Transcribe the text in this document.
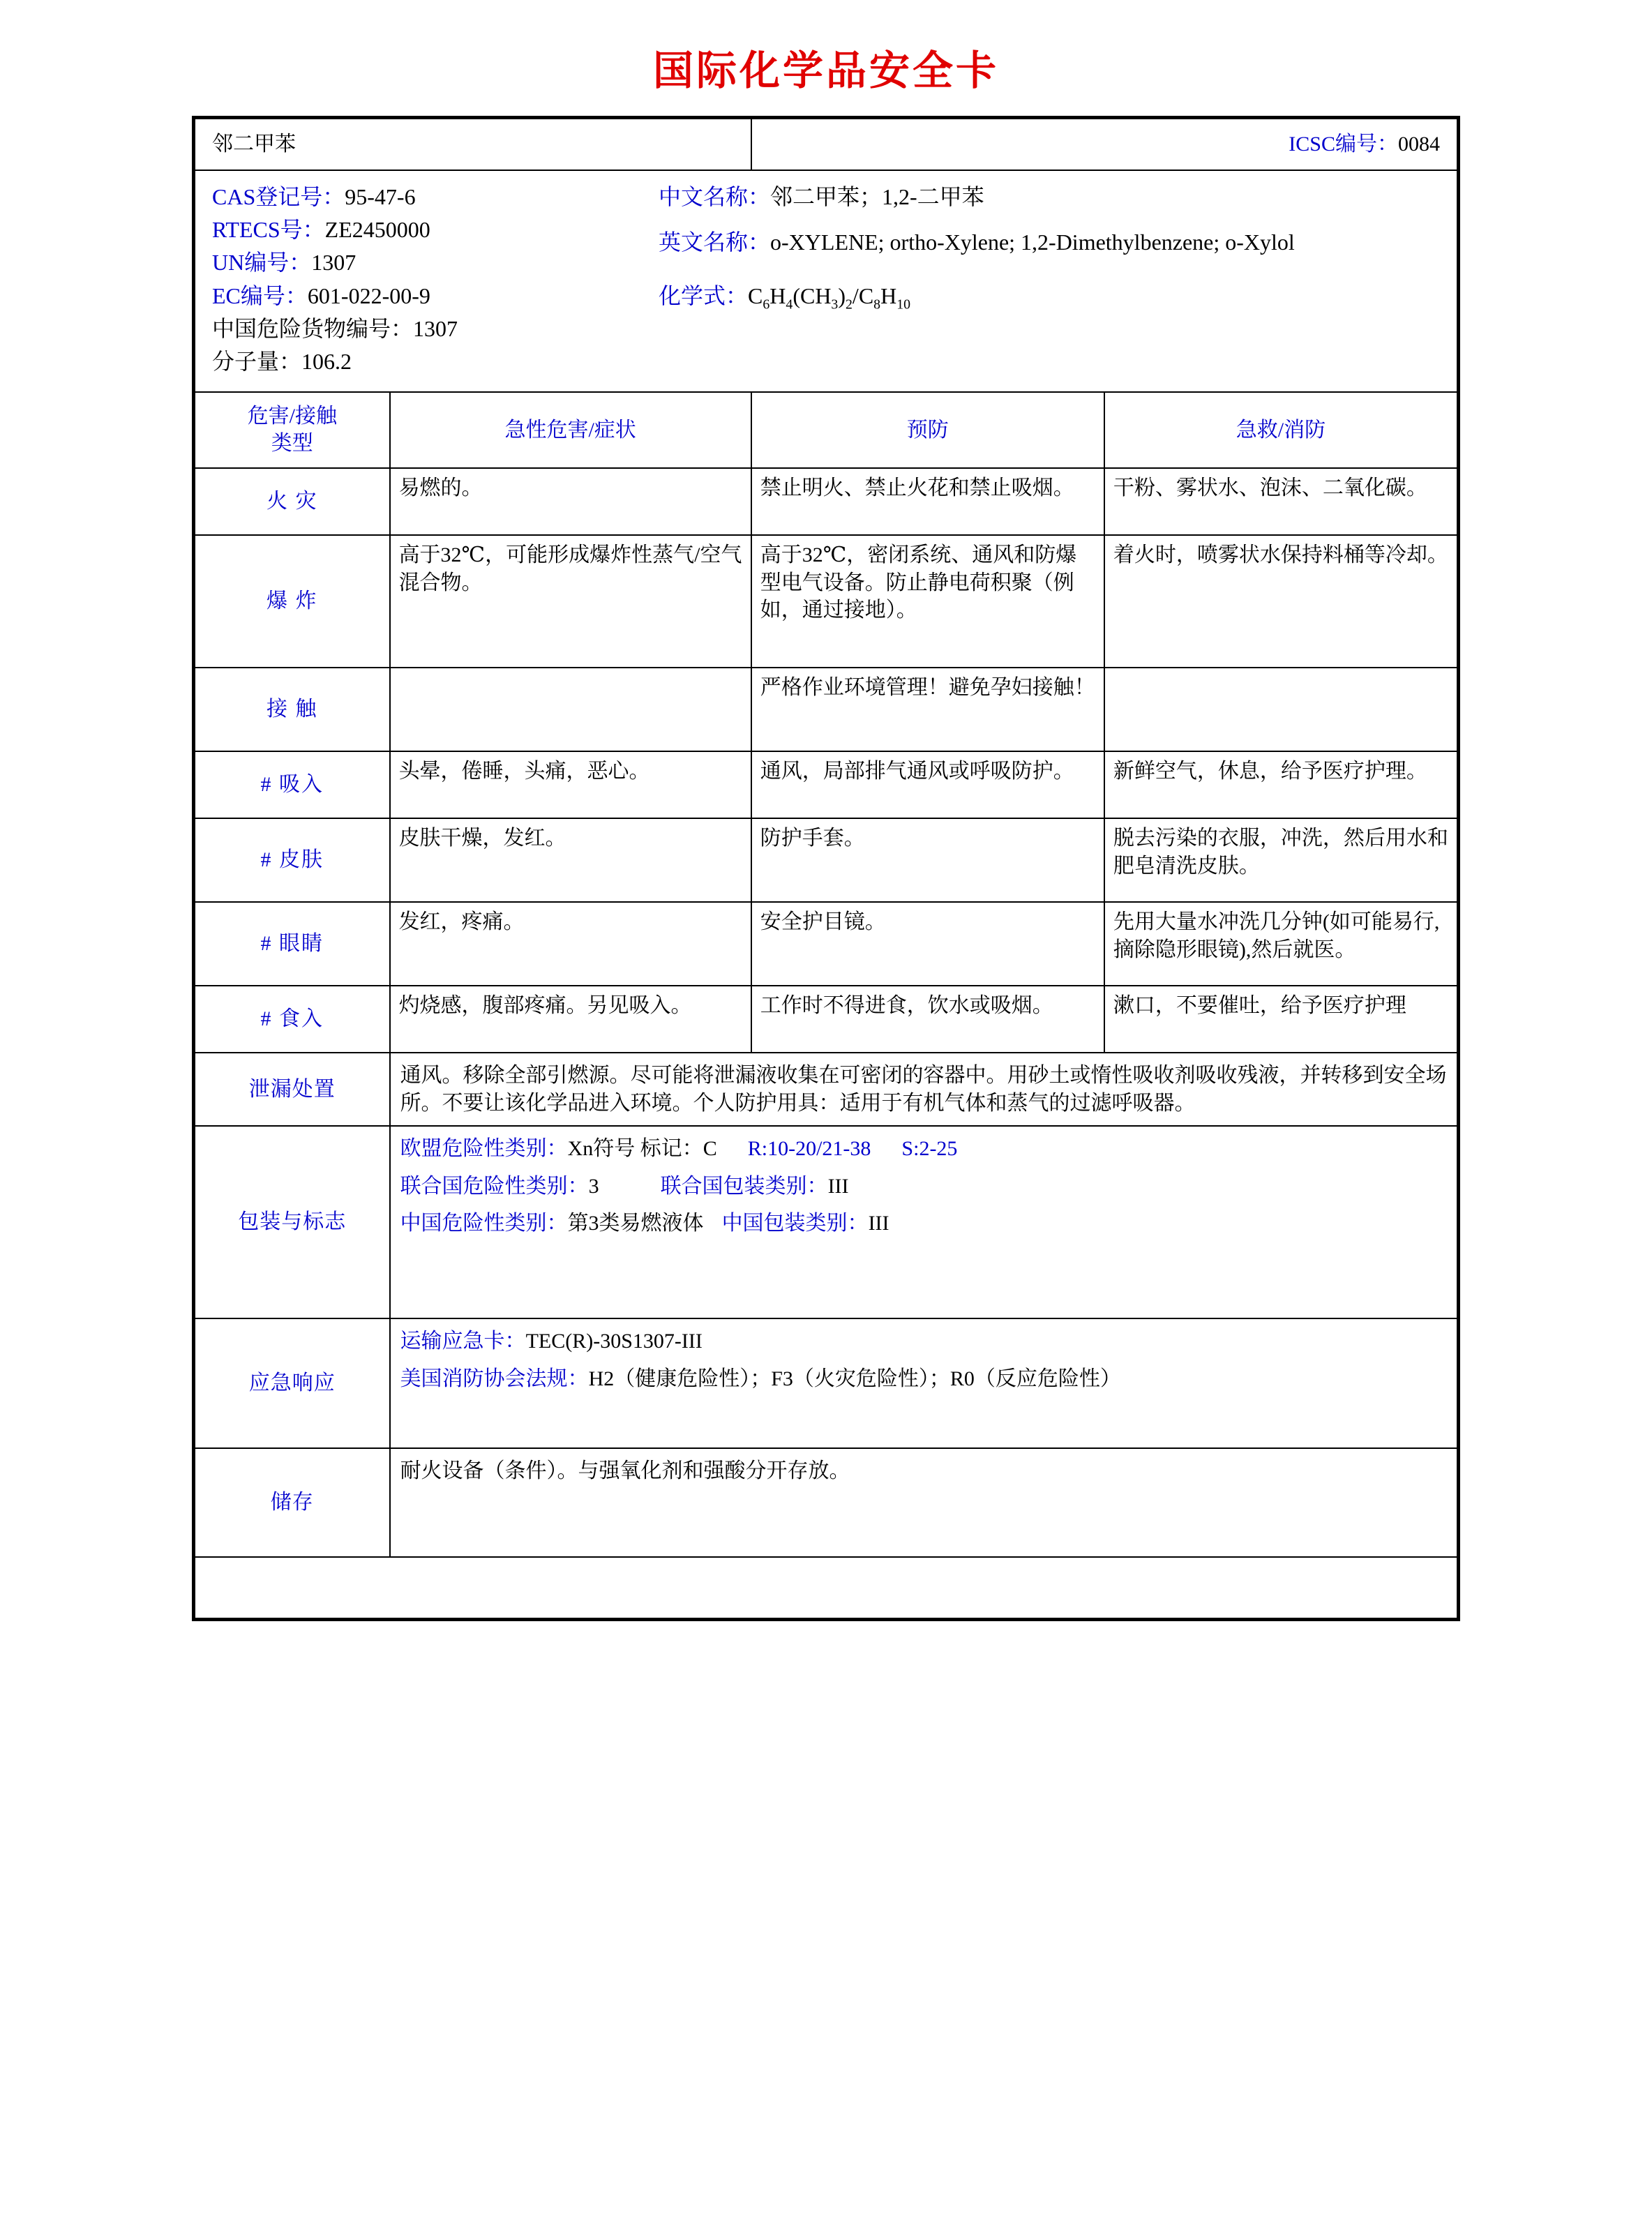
国际化学品安全卡
邻二甲苯		ICSC编号：0084	

CAS登记号：95-47-6
RTECS号：ZE2450000
UN编号：1307
EC编号：601-022-00-9
中国危险货物编号：1307
分子量：106.2
中文名称：邻二甲苯；1,2-二甲苯
英文名称：o-XYLENE; ortho-Xylene; 1,2-Dimethylbenzene; o-Xylol
化学式： $C_6H_4(CH_3)_2/C_8H_{10}$

危害/接触
类型	急性危害/症状	预防	急救/消防
火 灾	易燃的。	禁止明火、禁止火花和禁止吸烟。	干粉、雾状水、泡沫、二氧化碳。
爆 炸	高于32℃，可能形成爆炸性蒸气/空气混合物。	高于32℃，密闭系统、通风和防爆型电气设备。防止静电荷积聚（例如，通过接地）。	着火时，喷雾状水保持料桶等冷却。
接 触		严格作业环境管理！避免孕妇接触！	
# 吸入	头晕，倦睡，头痛，恶心。	通风，局部排气通风或呼吸防护。	新鲜空气，休息，给予医疗护理。
# 皮肤	皮肤干燥，发红。	防护手套。	脱去污染的衣服，冲洗，然后用水和肥皂清洗皮肤。
# 眼睛	发红，疼痛。	安全护目镜。	先用大量水冲洗几分钟(如可能易行,摘除隐形眼镜),然后就医。
# 食入	灼烧感，腹部疼痛。另见吸入。	工作时不得进食，饮水或吸烟。	漱口，不要催吐，给予医疗护理
泄漏处置	通风。移除全部引燃源。尽可能将泄漏液收集在可密闭的容器中。用砂土或惰性吸收剂吸收残液，并转移到安全场所。不要让该化学品进入环境。个人防护用具：适用于有机气体和蒸气的过滤呼吸器。		
包装与标志	欧盟危险性类别：Xn符号 标记：C R:10-20/21-38 S:2-25
联合国危险性类别：3 联合国包装类别：III
中国危险性类别：第3类易燃液体 中国包装类别：III		

应急响应	运输应急卡：TEC(R)-30S1307-III
美国消防协会法规：H2（健康危险性）；F3（火灾危险性）；R0（反应危险性）		

储存	耐火设备（条件）。与强氧化剂和强酸分开存放。		
